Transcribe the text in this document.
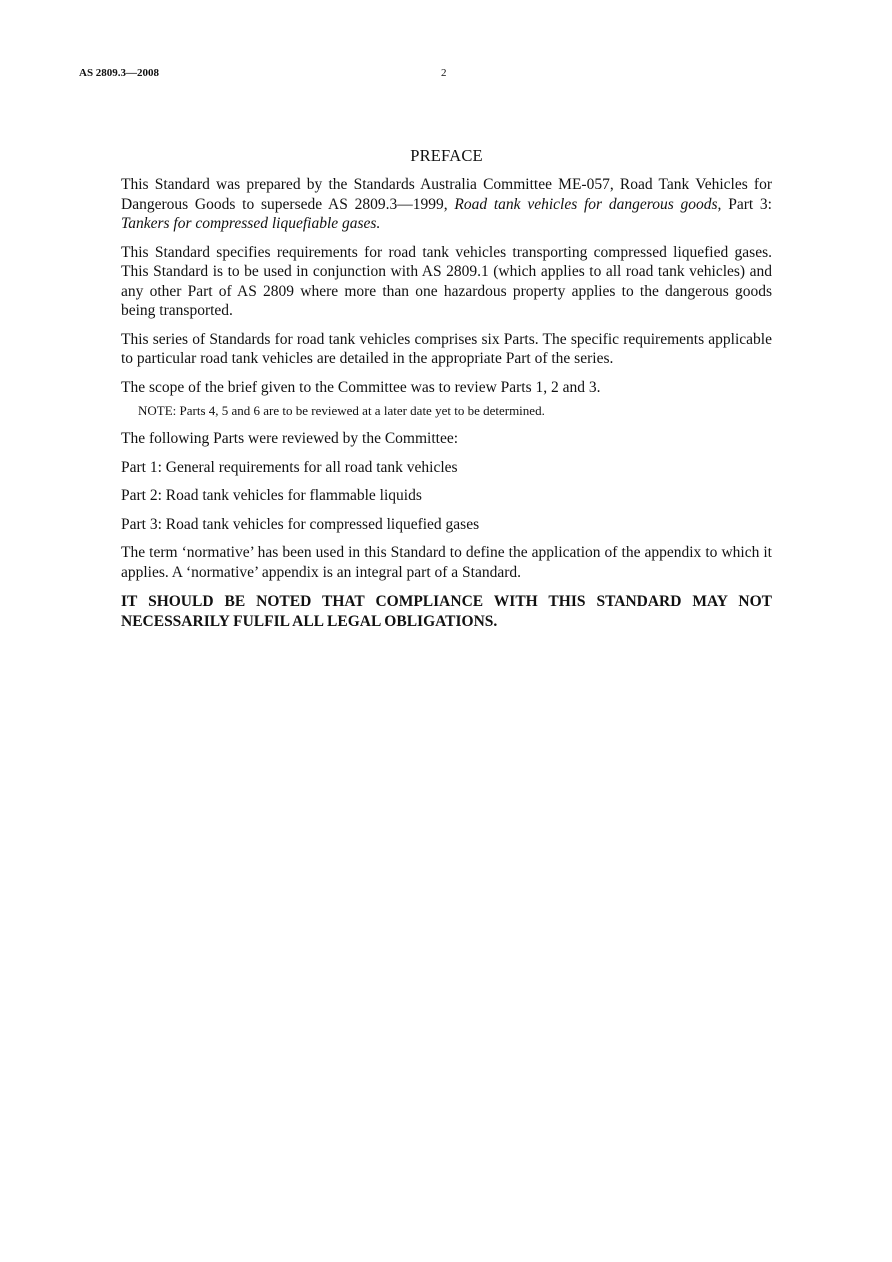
AS 2809.3—2008	2
PREFACE

This Standard was prepared by the Standards Australia Committee ME-057, Road Tank Vehicles for Dangerous Goods to supersede AS 2809.3—1999, Road tank vehicles for dangerous goods, Part 3: Tankers for compressed liquefiable gases.

This Standard specifies requirements for road tank vehicles transporting compressed liquefied gases. This Standard is to be used in conjunction with AS 2809.1 (which applies to all road tank vehicles) and any other Part of AS 2809 where more than one hazardous property applies to the dangerous goods being transported.

This series of Standards for road tank vehicles comprises six Parts. The specific requirements applicable to particular road tank vehicles are detailed in the appropriate Part of the series.

The scope of the brief given to the Committee was to review Parts 1, 2 and 3.

NOTE: Parts 4, 5 and 6 are to be reviewed at a later date yet to be determined.

The following Parts were reviewed by the Committee:

Part 1: General requirements for all road tank vehicles

Part 2: Road tank vehicles for flammable liquids

Part 3: Road tank vehicles for compressed liquefied gases

The term ‘normative’ has been used in this Standard to define the application of the appendix to which it applies. A ‘normative’ appendix is an integral part of a Standard.

IT SHOULD BE NOTED THAT COMPLIANCE WITH THIS STANDARD MAY NOT NECESSARILY FULFIL ALL LEGAL OBLIGATIONS.
